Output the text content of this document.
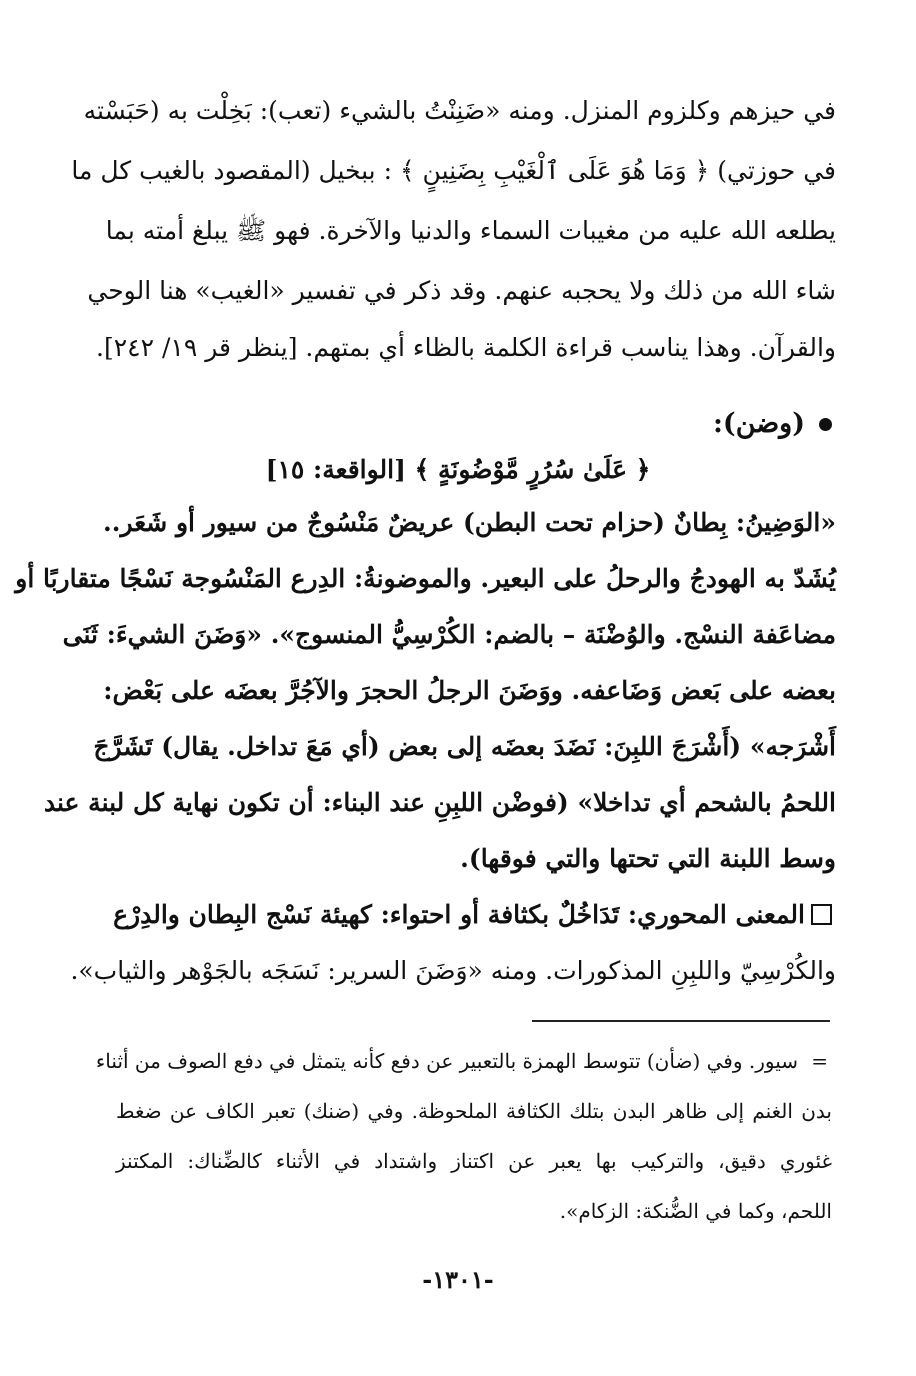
في حيزهم وكلزوم المنزل. ومنه «ضَنِنْتُ بالشيء (تعب): بَخِلْت به (حَبَسْته
في حوزتي) ﴿ وَمَا هُوَ عَلَى ٱلْغَيْبِ بِضَنِينٍ ﴾ : ببخيل (المقصود بالغيب كل ما
يطلعه الله عليه من مغيبات السماء والدنيا والآخرة. فهو ﷺ يبلغ أمته بما
شاء الله من ذلك ولا يحجبه عنهم. وقد ذكر في تفسير «الغيب» هنا الوحي
والقرآن. وهذا يناسب قراءة الكلمة بالظاء أي بمتهم. [ينظر قر ١٩/ ٢٤٢].
(وضن):
﴿ عَلَىٰ سُرُرٍ مَّوْضُونَةٍ ﴾ [الواقعة: ١٥]
«الوَضِينُ: بِطانٌ (حزام تحت البطن) عريضٌ مَنْسُوجٌ من سيور أو شَعَر..
يُشَدّ به الهودجُ والرحلُ على البعير. والموضونةُ: الدِرع المَنْسُوجة نَسْجًا متقاربًا أو
مضاعَفة النسْج. والوُضْنَة – بالضم: الكُرْسِيُّ المنسوج». «وَضَنَ الشيءَ: ثَنَى
بعضه على بَعض وَضَاعفه. ووَضَنَ الرجلُ الحجرَ والآجُرَّ بعضَه على بَعْض:
أَشْرَجه» (أَشْرَجَ اللبِنَ: نَضَدَ بعضَه إلى بعض (أي مَعَ تداخل. يقال) تَشَرَّجَ
اللحمُ بالشحم أي تداخلا» (فوضْن اللبِنِ عند البناء: أن تكون نهاية كل لبنة عند
وسط اللبنة التي تحتها والتي فوقها).
المعنى المحوري: تَدَاخُلٌ بكثافة أو احتواء: كهيئة نَسْج البِطان والدِرْع
والكُرْسِيّ واللبِنِ المذكورات. ومنه «وَضَنَ السرير: نَسَجَه بالجَوْهر والثياب».
=
سيور. وفي (ضأن) تتوسط الهمزة بالتعبير عن دفع كأنه يتمثل في دفع الصوف من أثناء
بدن الغنم إلى ظاهر البدن بتلك الكثافة الملحوظة. وفي (ضنك) تعبر الكاف عن ضغط
غئوري دقيق، والتركيب بها يعبر عن اكتناز واشتداد في الأثناء كالضِّناك: المكتنز
اللحم، وكما في الضُّنكة: الزكام».
-١٣٠١-
